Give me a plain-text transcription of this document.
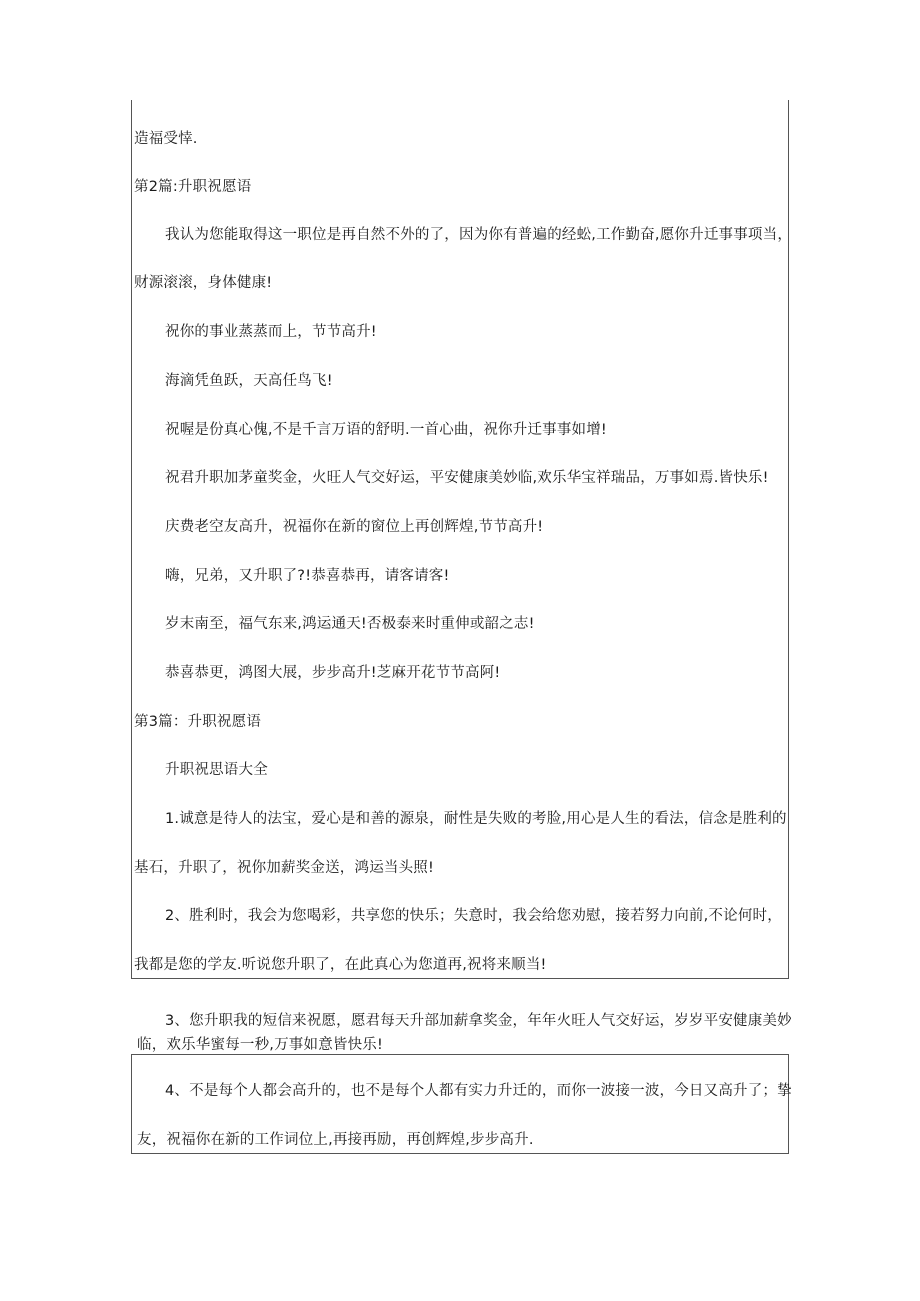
造福受悻.
第2篇:升职祝愿语
我认为您能取得这一职位是再自然不外的了，因为你有普遍的经蚣,工作勤奋,愿你升迁事事项当，
财源滚滚，身体健康!
祝你的事业蒸蒸而上，节节高升!
海滴凭鱼跃，天高任鸟飞!
祝喔是份真心傀,不是千言万语的舒明.一首心曲，祝你升迁事事如增!
祝君升职加茅童奖金，火旺人气交好运，平安健康美妙临,欢乐华宝祥瑞品，万事如焉.皆快乐!
庆费老空友高升，祝福你在新的窗位上再创辉煌,节节高升!
嗨，兄弟，又升职了?!恭喜恭再，请客请客!
岁末南至，福气东来,鸿运通天!否极泰来时重伸或韶之志!
恭喜恭更，鸿图大展，步步高升!芝麻开花节节高阿!
第3篇：升职祝愿语
升职祝思语大全
1.诚意是待人的法宝，爱心是和善的源泉，耐性是失败的考脸,用心是人生的看法，信念是胜利的
基石，升职了，祝你加薪奖金送，鸿运当头照!
2、胜利时，我会为您喝彩，共享您的快乐；失意时，我会给您劝慰，接若努力向前,不论何时，
我都是您的学友.听说您升职了，在此真心为您道再,祝将来顺当!
3、您升职我的短信来祝愿，愿君每天升部加薪拿奖金，年年火旺人气交好运，岁岁平安健康美妙
临，欢乐华蜜每一秒,万事如意皆快乐!
4、不是每个人都会高升的，也不是每个人都有实力升迁的，而你一波接一波，今日又高升了；挚
友，祝福你在新的工作词位上,再接再励，再创辉煌,步步高升.
